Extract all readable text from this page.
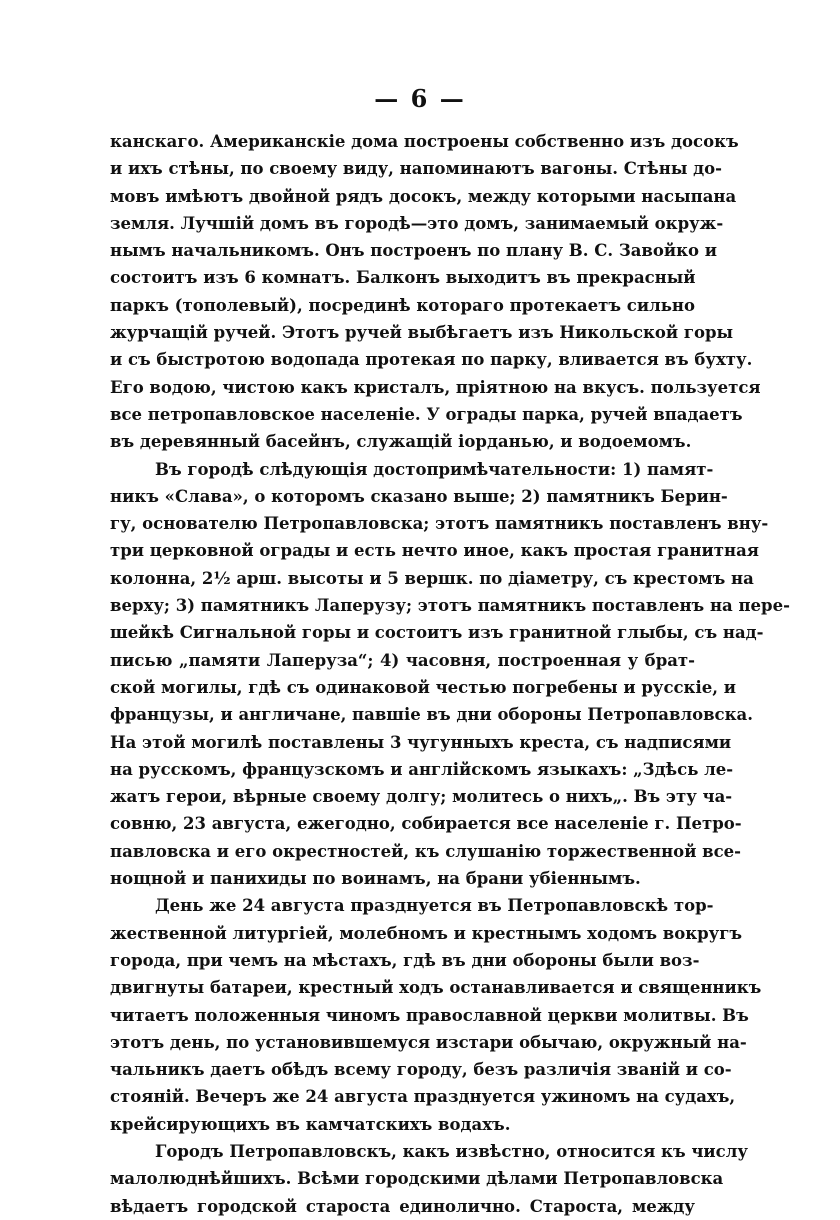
— 6 —
канскаго. Американскіе дома построены собственно изъ досокъ
и ихъ стѣны, по своему виду, напоминаютъ вагоны. Стѣны до-
мовъ имѣютъ двойной рядъ досокъ, между которыми насыпана
земля. Лучшій домъ въ городѣ—это домъ, занимаемый окруж-
нымъ начальникомъ. Онъ построенъ по плану В. С. Завойко и
состоитъ изъ 6 комнатъ. Балконъ выходитъ въ прекрасный
паркъ (тополевый), посрединѣ котораго протекаетъ сильно
журчащій ручей. Этотъ ручей выбѣгаетъ изъ Никольской горы
и съ быстротою водопада протекая по парку, вливается въ бухту.
Его водою, чистою какъ кристалъ, пріятною на вкусъ. пользуется
все петропавловское населеніе. У ограды парка, ручей впадаетъ
въ деревянный басейнъ, служащій іорданью, и водоемомъ.
Въ городѣ слѣдующія достопримѣчательности: 1) памят-
никъ «Слава», о которомъ сказано выше; 2) памятникъ Берин-
гу, основателю Петропавловска; этотъ памятникъ поставленъ вну-
три церковной ограды и есть нечто иное, какъ простая гранитная
колонна, 2½ арш. высоты и 5 вершк. по діаметру, съ крестомъ на
верху; 3) памятникъ Лаперузу; этотъ памятникъ поставленъ на пере-
шейкѣ Сигнальной горы и состоитъ изъ гранитной глыбы, съ над-
писью „памяти Лаперуза“; 4) часовня, построенная у брат-
ской могилы, гдѣ съ одинаковой честью погребены и русскіе, и
французы, и англичане, павшіе въ дни обороны Петропавловска.
На этой могилѣ поставлены 3 чугунныхъ креста, съ надписями
на русскомъ, французскомъ и англійскомъ языкахъ: „Здѣсь ле-
жатъ герои, вѣрные своему долгу; молитесь о нихъ„. Въ эту ча-
совню, 23 августа, ежегодно, собирается все населеніе г. Петро-
павловска и его окрестностей, къ слушанію торжественной все-
нощной и панихиды по воинамъ, на брани убіеннымъ.
День же 24 августа празднуется въ Петропавловскѣ тор-
жественной литургіей, молебномъ и крестнымъ ходомъ вокругъ
города, при чемъ на мѣстахъ, гдѣ въ дни обороны были воз-
двигнуты батареи, крестный ходъ останавливается и священникъ
читаетъ положенныя чиномъ православной церкви молитвы. Въ
этотъ день, по установившемуся изстари обычаю, окружный на-
чальникъ даетъ обѣдъ всему городу, безъ различія званій и со-
стояній. Вечеръ же 24 августа празднуется ужиномъ на судахъ,
крейсирующихъ въ камчатскихъ водахъ.
Городъ Петропавловскъ, какъ извѣстно, относится къ числу
малолюднѣйшихъ. Всѣми городскими дѣлами Петропавловска
вѣдаетъ городской староста единолично. Староста, между
